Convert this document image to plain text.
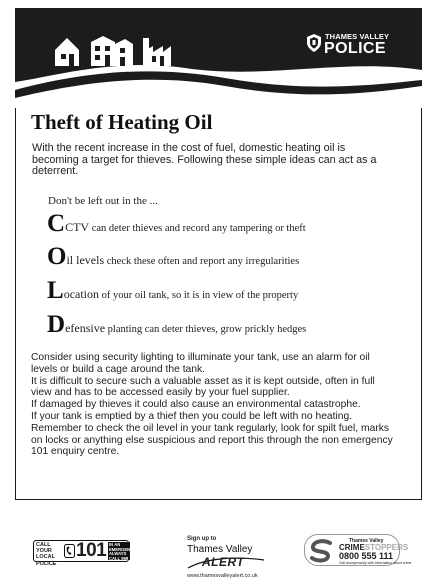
THAMES VALLEY
POLICE
Theft of Heating Oil

With the recent increase in the cost of fuel, domestic heating oil is becoming a target for thieves. Following these simple ideas can act as a deterrent.

Don't be left out in the ...

CCTV can deter thieves and record any tampering or theft
Oil levels check these often and report any irregularities
Location of your oil tank, so it is in view of the property
Defensive planting can deter thieves, grow prickly hedges

Consider using security lighting to illuminate your tank, use an alarm for oil levels or build a cage around the tank.

It is difficult to secure such a valuable asset as it is kept outside, often in full view and has to be accessed easily by your fuel supplier.

If damaged by thieves it could also cause an environmental catastrophe.

If your tank is emptied by a thief then you could be left with no heating.

Remember to check the oil level in your tank regularly, look for spilt fuel, marks on locks or anything else suspicious and report this through the non emergency 101 enquiry centre.

CALL YOUR LOCAL POLICE
101 IN AN EMERGENCY ALWAYS CALL 999
Sign up to
Thames Valley
ALERT
www.thamesvalleyalert.co.uk
Thames Valley
CRIMESTOPPERS
0800 555 111
Call anonymously with information about crime
